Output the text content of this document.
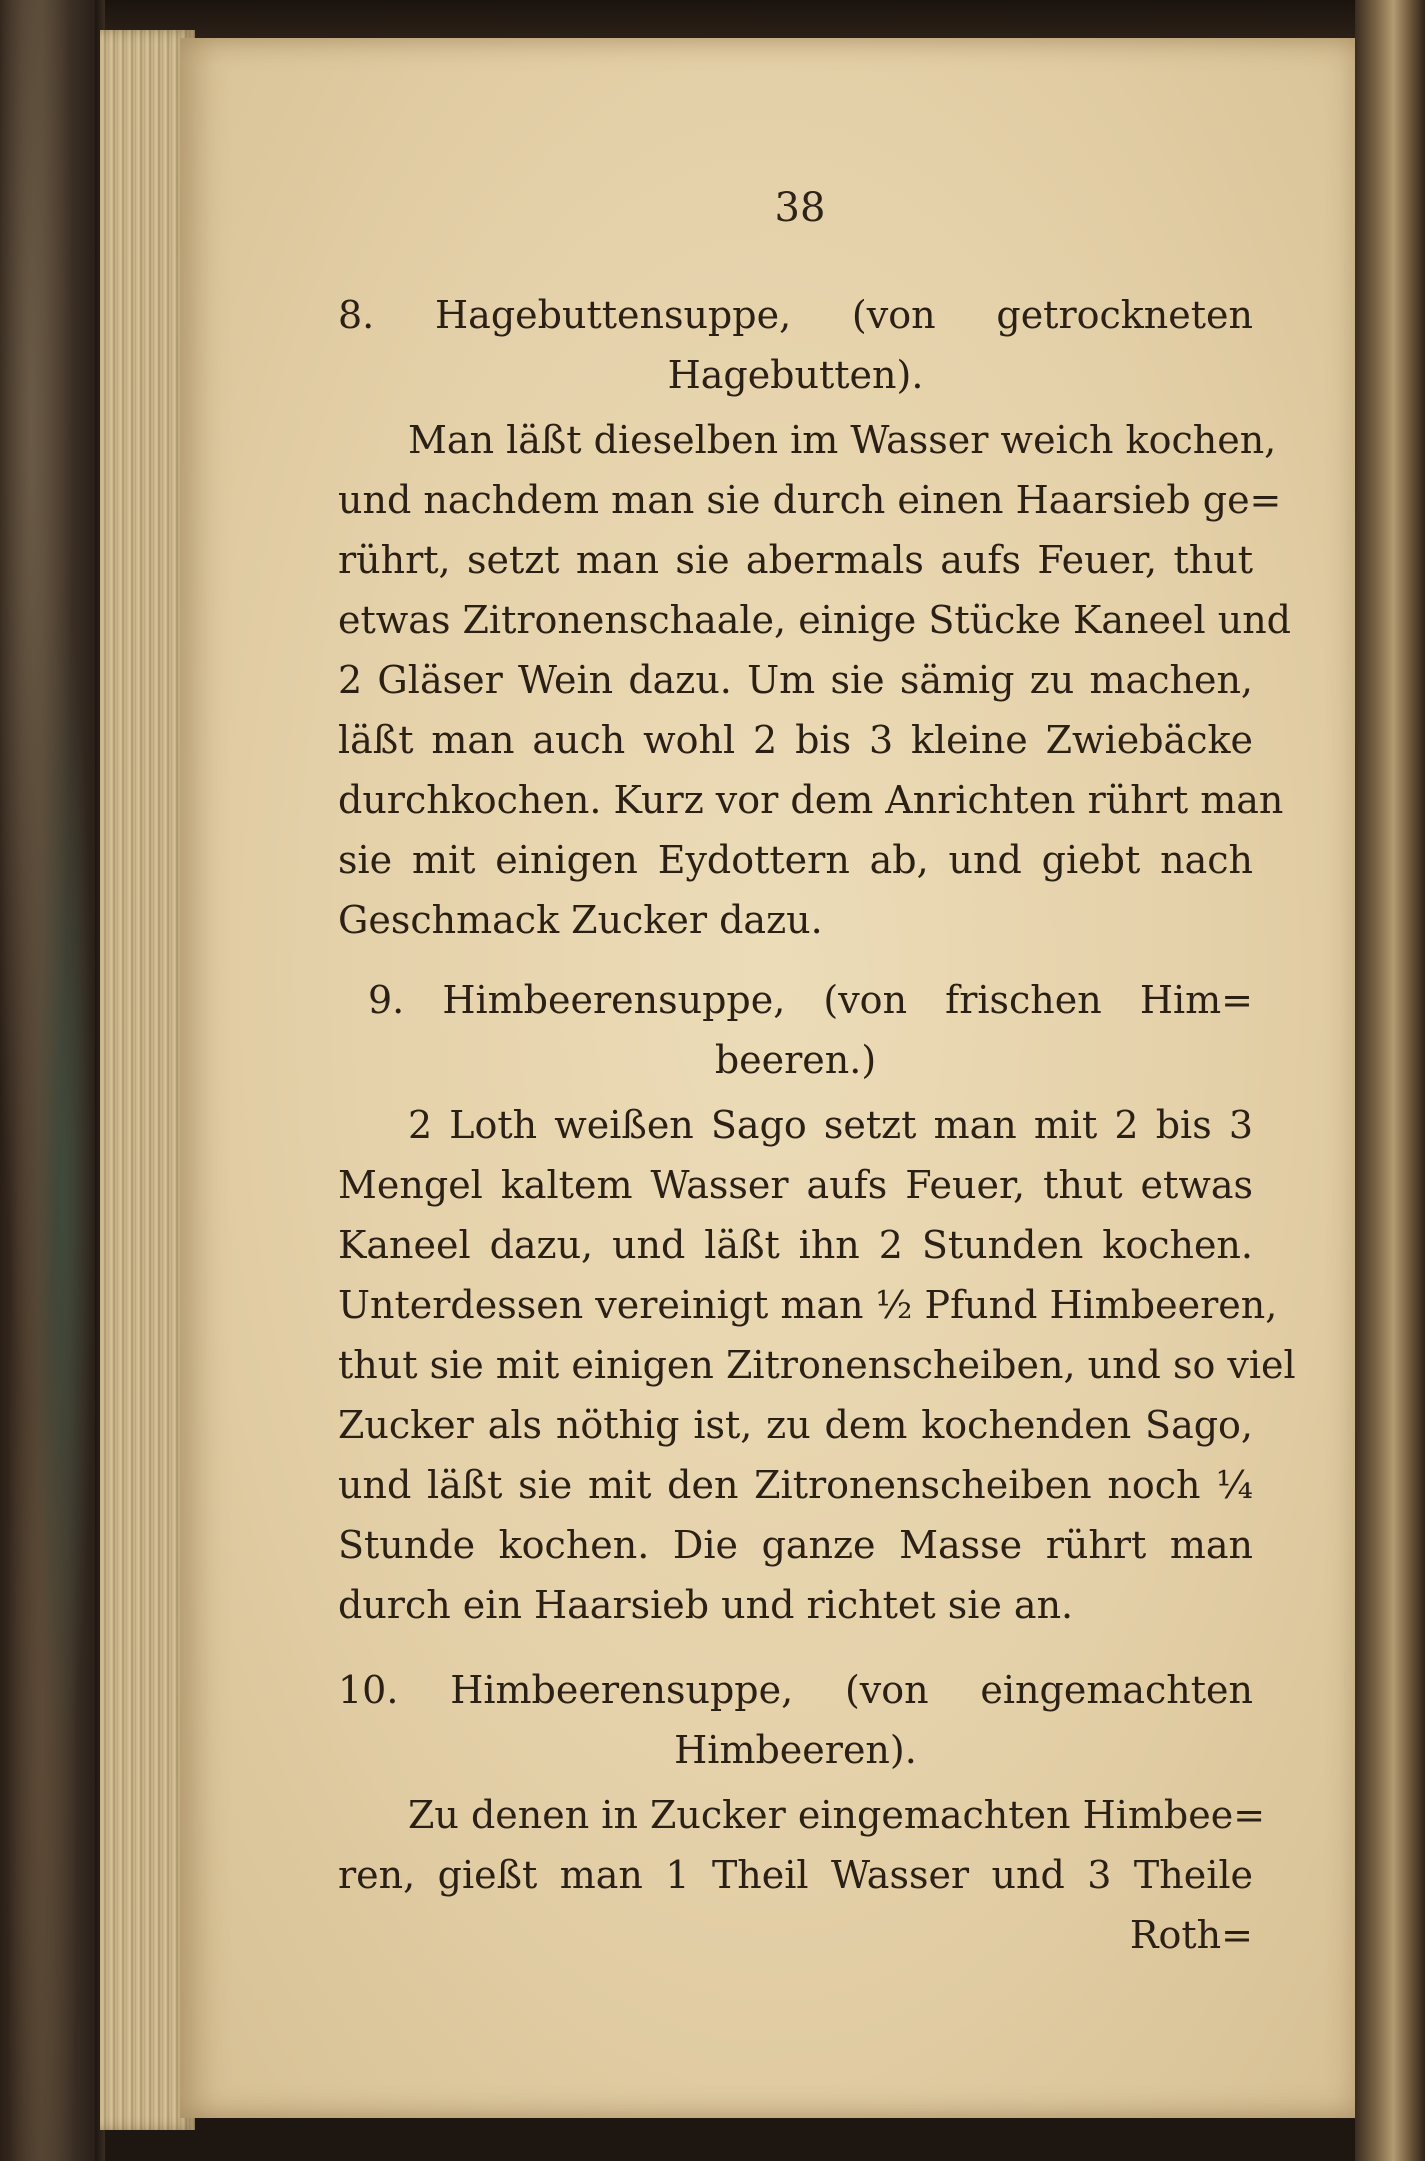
38
8. Hagebuttensuppe, (von getrockneten
Hagebutten).
Man läßt dieselben im Wasser weich kochen,
und nachdem man sie durch einen Haarsieb ge=
rührt, setzt man sie abermals aufs Feuer, thut
etwas Zitronenschaale, einige Stücke Kaneel und
2 Gläser Wein dazu. Um sie sämig zu machen,
läßt man auch wohl 2 bis 3 kleine Zwiebäcke
durchkochen. Kurz vor dem Anrichten rührt man
sie mit einigen Eydottern ab, und giebt nach
Geschmack Zucker dazu.
9. Himbeerensuppe, (von frischen Him=
beeren.)
2 Loth weißen Sago setzt man mit 2 bis 3
Mengel kaltem Wasser aufs Feuer, thut etwas
Kaneel dazu, und läßt ihn 2 Stunden kochen.
Unterdessen vereinigt man ½ Pfund Himbeeren,
thut sie mit einigen Zitronenscheiben, und so viel
Zucker als nöthig ist, zu dem kochenden Sago,
und läßt sie mit den Zitronenscheiben noch ¼
Stunde kochen. Die ganze Masse rührt man
durch ein Haarsieb und richtet sie an.
10. Himbeerensuppe, (von eingemachten
Himbeeren).
Zu denen in Zucker eingemachten Himbee=
ren, gießt man 1 Theil Wasser und 3 Theile
Roth=
